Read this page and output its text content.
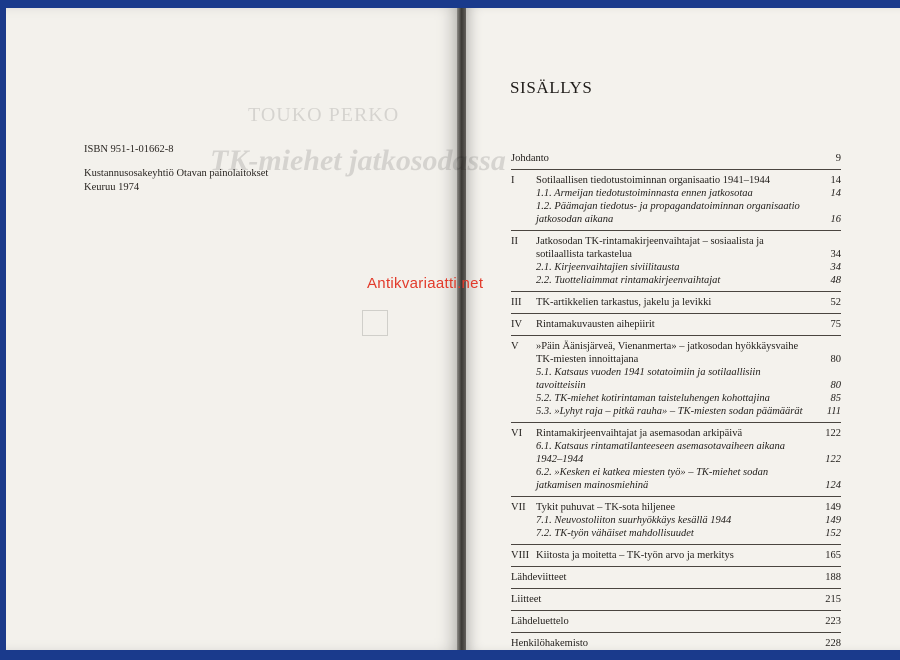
TOUKO PERKO
TK-miehet jatkosodassa
ISBN 951-1-01662-8
Kustannusosakeyhtiö Otavan painolaitokset
Keuruu 1974
SISÄLLYS
Johdanto	9
I Sotilaallisen tiedotustoiminnan organisaatio 1941–1944	14
1.1. Armeijan tiedotustoiminnasta ennen jatkosotaa	14
1.2. Päämajan tiedotus- ja propagandatoiminnan organisaatio
jatkosodan aikana	16
II Jatkosodan TK-rintamakirjeenvaihtajat – sosiaalista ja
sotilaallista tarkastelua	34
2.1. Kirjeenvaihtajien siviilitausta	34
2.2. Tuotteliaimmat rintamakirjeenvaihtajat	48
III TK-artikkelien tarkastus, jakelu ja levikki	52
IV Rintamakuvausten aihepiirit	75
V »Päin Äänisjärveä, Vienanmerta» – jatkosodan hyökkäysvaihe
TK-miesten innoittajana	80
5.1. Katsaus vuoden 1941 sotatoimiin ja sotilaallisiin
tavoitteisiin	80
5.2. TK-miehet kotirintaman taisteluhengen kohottajina	85
5.3. »Lyhyt raja – pitkä rauha» – TK-miesten sodan päämäärät 111
VI Rintamakirjeenvaihtajat ja asemasodan arkipäivä	122
6.1. Katsaus rintamatilanteeseen asemasotavaiheen aikana
1942–1944	122
6.2. »Kesken ei katkea miesten työ» – TK-miehet sodan
jatkamisen mainosmiehinä	124
VII Tykit puhuvat – TK-sota hiljenee	149
7.1. Neuvostoliiton suurhyökkäys kesällä 1944	149
7.2. TK-työn vähäiset mahdollisuudet	152
VIII Kiitosta ja moitetta – TK-työn arvo ja merkitys	165
Lähdeviitteet	188
Liitteet	215
Lähdeluettelo	223
Henkilöhakemisto	228
Antikvariaatti.net
